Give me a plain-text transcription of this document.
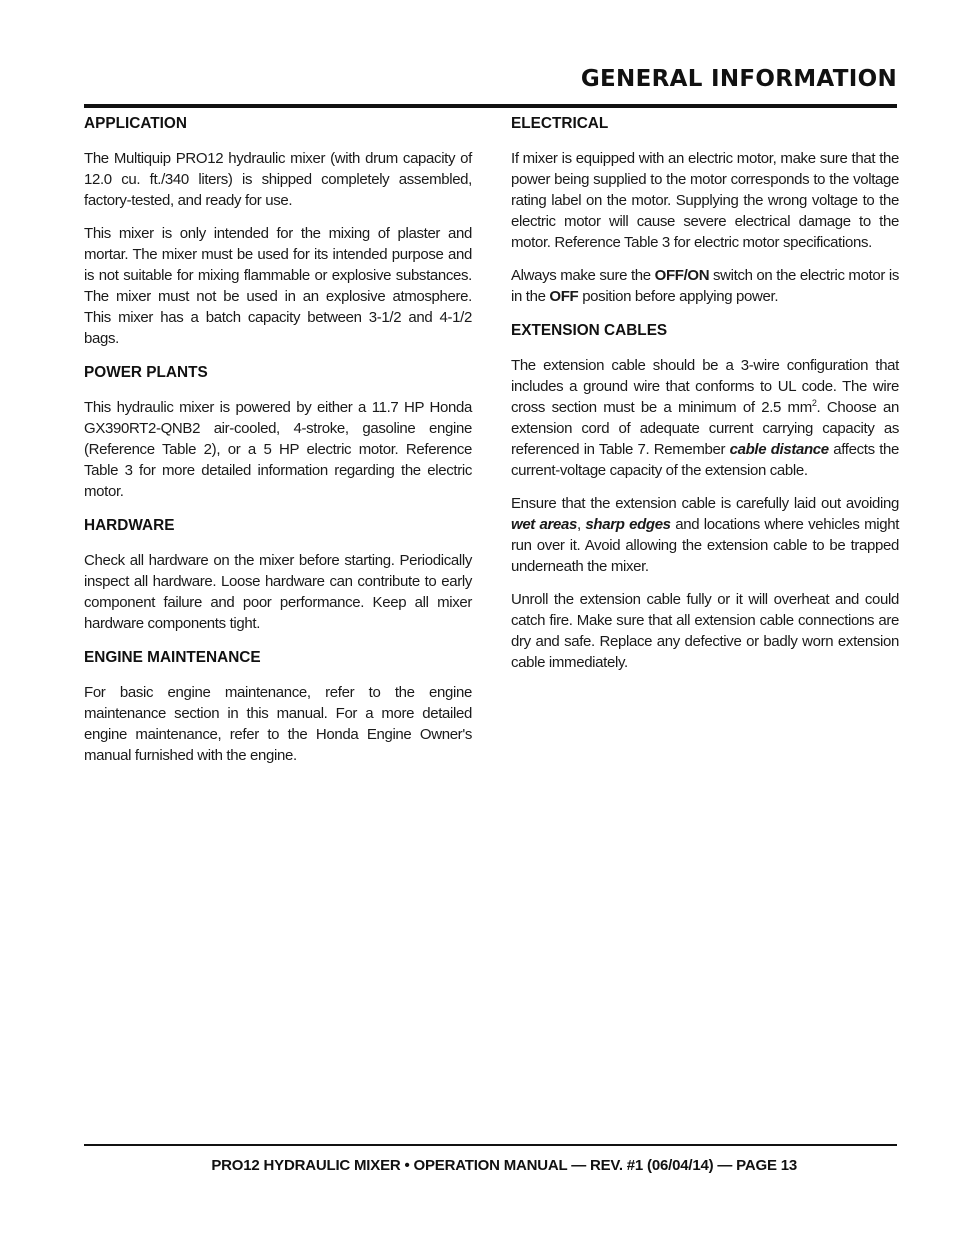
GENERAL INFORMATION
APPLICATION

The Multiquip PRO12 hydraulic mixer (with drum capacity of 12.0 cu. ft./340 liters) is shipped completely assembled, factory-tested, and ready for use.

This mixer is only intended for the mixing of plaster and mortar. The mixer must be used for its intended purpose and is not suitable for mixing flammable or explosive substances. The mixer must not be used in an explosive atmosphere. This mixer has a batch capacity between 3-1/2 and 4-1/2 bags.

POWER PLANTS

This hydraulic mixer is powered by either a 11.7 HP Honda GX390RT2-QNB2 air-cooled, 4-stroke, gasoline engine (Reference Table 2), or a 5 HP electric motor. Reference Table 3 for more detailed information regarding the electric motor.

HARDWARE

Check all hardware on the mixer before starting. Periodically inspect all hardware. Loose hardware can contribute to early component failure and poor performance. Keep all mixer hardware components tight.

ENGINE MAINTENANCE

For basic engine maintenance, refer to the engine maintenance section in this manual. For a more detailed engine maintenance, refer to the Honda Engine Owner's manual furnished with the engine.

ELECTRICAL

If mixer is equipped with an electric motor, make sure that the power being supplied to the motor corresponds to the voltage rating label on the motor. Supplying the wrong voltage to the electric motor will cause severe electrical damage to the motor. Reference Table 3 for electric motor specifications.

Always make sure the OFF/ON switch on the electric motor is in the OFF position before applying power.

EXTENSION CABLES

The extension cable should be a 3-wire configuration that includes a ground wire that conforms to UL code. The wire cross section must be a minimum of 2.5 $mm^2$. Choose an extension cord of adequate current carrying capacity as referenced in Table 7. Remember cable distance affects the current-voltage capacity of the extension cable.

Ensure that the extension cable is carefully laid out avoiding wet areas, sharp edges and locations where vehicles might run over it. Avoid allowing the extension cable to be trapped underneath the mixer.

Unroll the extension cable fully or it will overheat and could catch fire. Make sure that all extension cable connections are dry and safe. Replace any defective or badly worn extension cable immediately.

PRO12 HYDRAULIC MIXER • OPERATION MANUAL — REV. #1 (06/04/14) — PAGE 13
